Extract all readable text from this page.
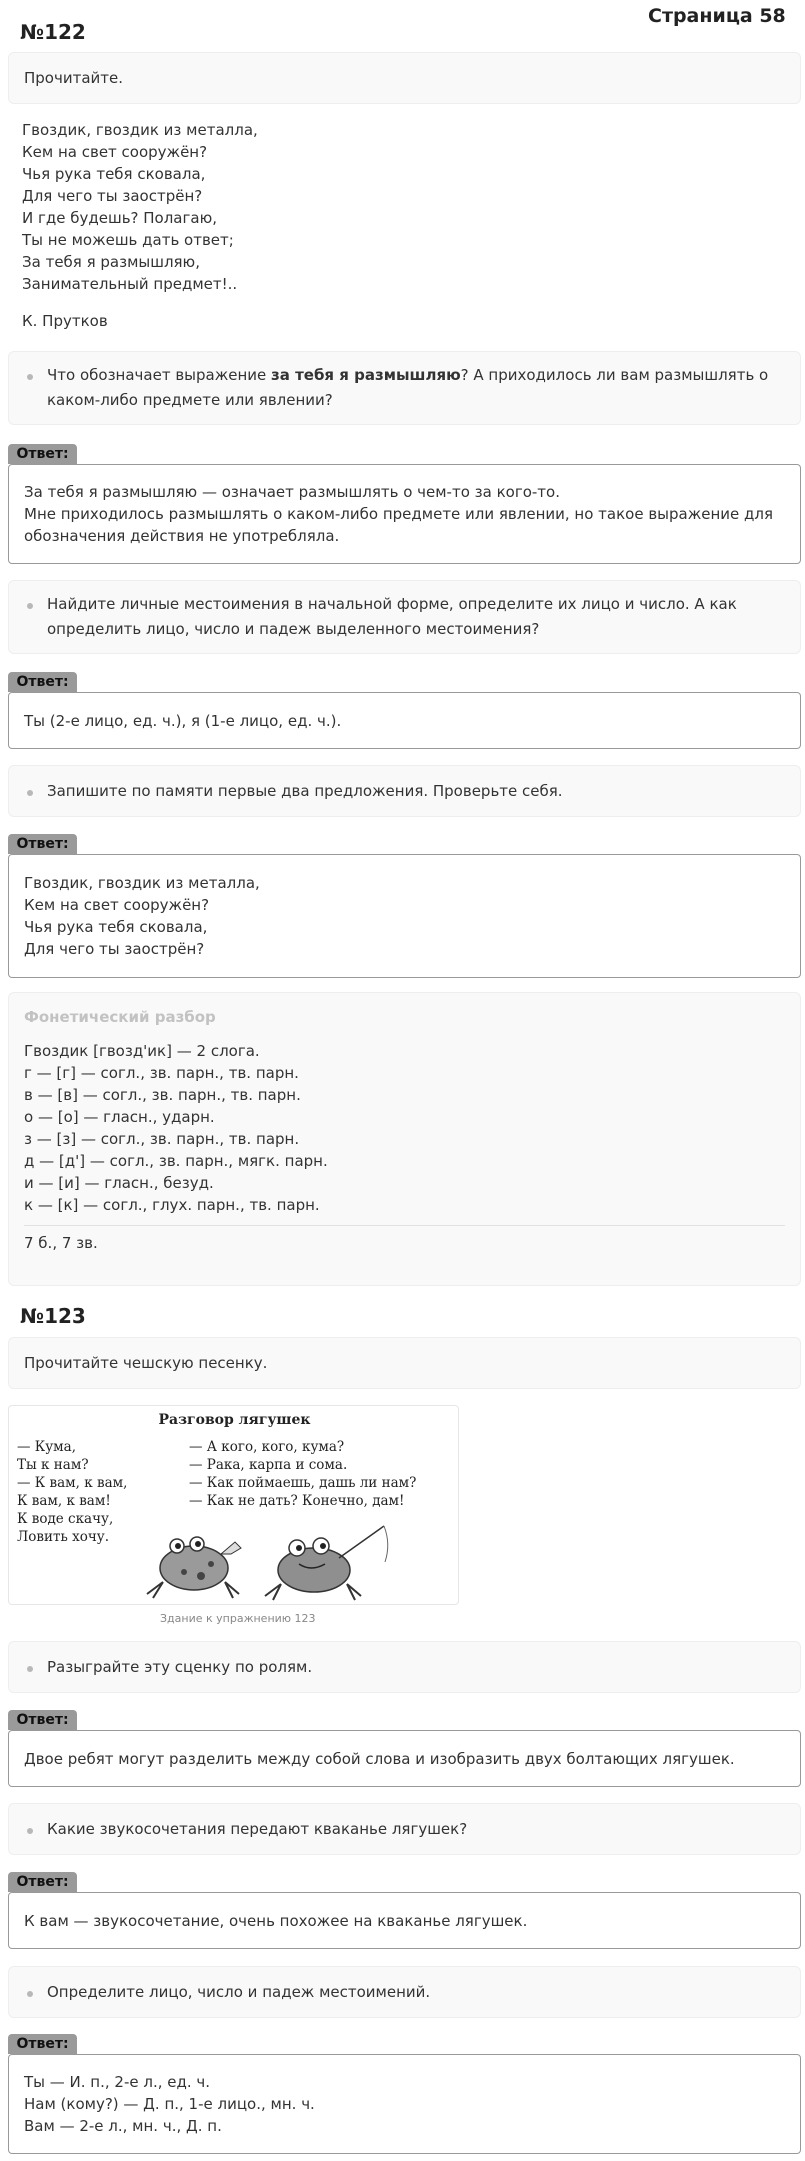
Страница 58
№122
Прочитайте.
Гвоздик, гвоздик из металла,
Кем на свет сооружён?
Чья рука тебя сковала,
Для чего ты заострён?
И где будешь? Полагаю,
Ты не можешь дать ответ;
За тебя я размышляю,
Занимательный предмет!..
К. Прутков
Что обозначает выражение за тебя я размышляю? А приходилось ли вам размышлять о каком-либо предмете или явлении?
Ответ:
За тебя я размышляю — означает размышлять о чем-то за кого-то.
Мне приходилось размышлять о каком-либо предмете или явлении, но такое выражение для обозначения действия не употребляла.
Найдите личные местоимения в начальной форме, определите их лицо и число. А как определить лицо, число и падеж выделенного местоимения?
Ответ:
Ты (2-е лицо, ед. ч.), я (1-е лицо, ед. ч.).
Запишите по памяти первые два предложения. Проверьте себя.
Ответ:
Гвоздик, гвоздик из металла,
Кем на свет сооружён?
Чья рука тебя сковала,
Для чего ты заострён?
Фонетический разбор
Гвоздик [гвозд'ик] — 2 слога.
г — [г] — согл., зв. парн., тв. парн.
в — [в] — согл., зв. парн., тв. парн.
о — [о] — гласн., ударн.
з — [з] — согл., зв. парн., тв. парн.
д — [д'] — согл., зв. парн., мягк. парн.
и — [и] — гласн., безуд.
к — [к] — согл., глух. парн., тв. парн.
7 б., 7 зв.
№123
Прочитайте чешскую песенку.
Разговор лягушек
— Кума,
Ты к нам?
— К вам, к вам,
К вам, к вам!
К воде скачу,
Ловить хочу.
— А кого, кого, кума?
— Рака, карпа и сома.
— Как поймаешь, дашь ли нам?
— Как не дать? Конечно, дам!
Здание к упражнению 123
Разыграйте эту сценку по ролям.
Ответ:
Двое ребят могут разделить между собой слова и изобразить двух болтающих лягушек.
Какие звукосочетания передают кваканье лягушек?
Ответ:
К вам — звукосочетание, очень похожее на кваканье лягушек.
Определите лицо, число и падеж местоимений.
Ответ:
Ты — И. п., 2-е л., ед. ч.
Нам (кому?) — Д. п., 1-е лицо., мн. ч.
Вам — 2-е л., мн. ч., Д. п.
